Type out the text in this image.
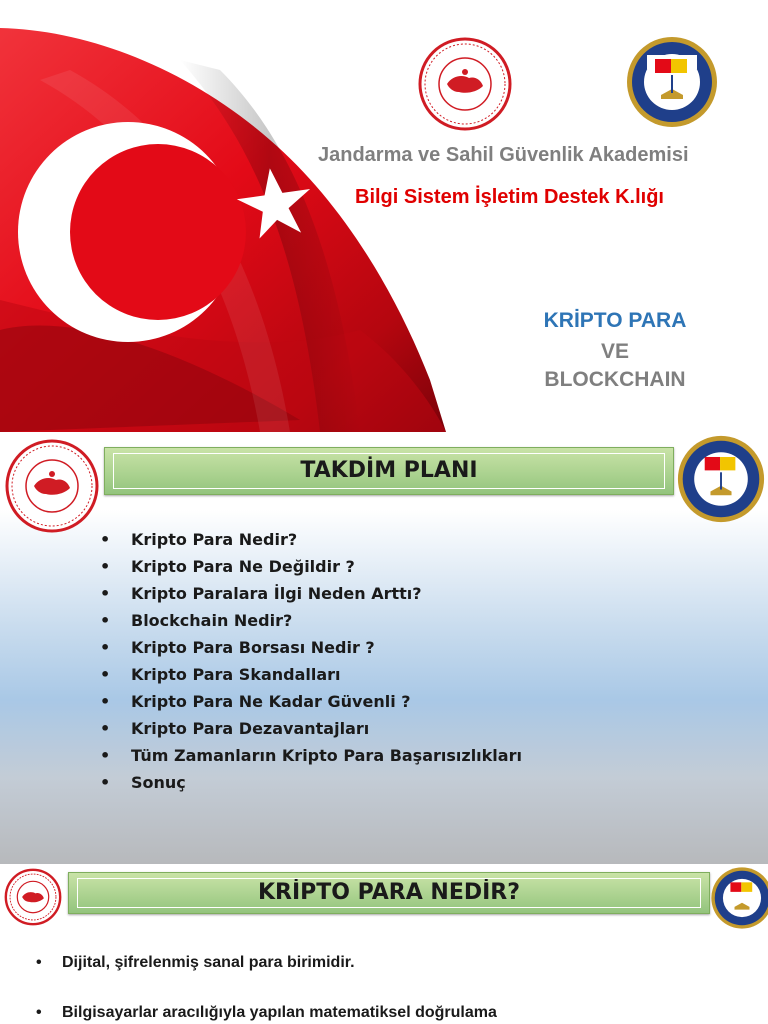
Jandarma ve Sahil Güvenlik Akademisi
Bilgi Sistem İşletim Destek K.lığı
KRİPTO PARA
VE
BLOCKCHAIN
TAKDİM PLANI
• Kripto Para Nedir?
• Kripto Para Ne Değildir ?
• Kripto Paralara İlgi Neden Arttı?
• Blockchain Nedir?
• Kripto Para Borsası Nedir ?
• Kripto Para Skandalları
• Kripto Para Ne Kadar Güvenli ?
• Kripto Para Dezavantajları
• Tüm Zamanların Kripto Para Başarısızlıkları
• Sonuç
KRİPTO PARA NEDİR?
• Dijital, şifrelenmiş sanal para birimidir.
• Bilgisayarlar aracılığıyla yapılan matematiksel doğrulama
